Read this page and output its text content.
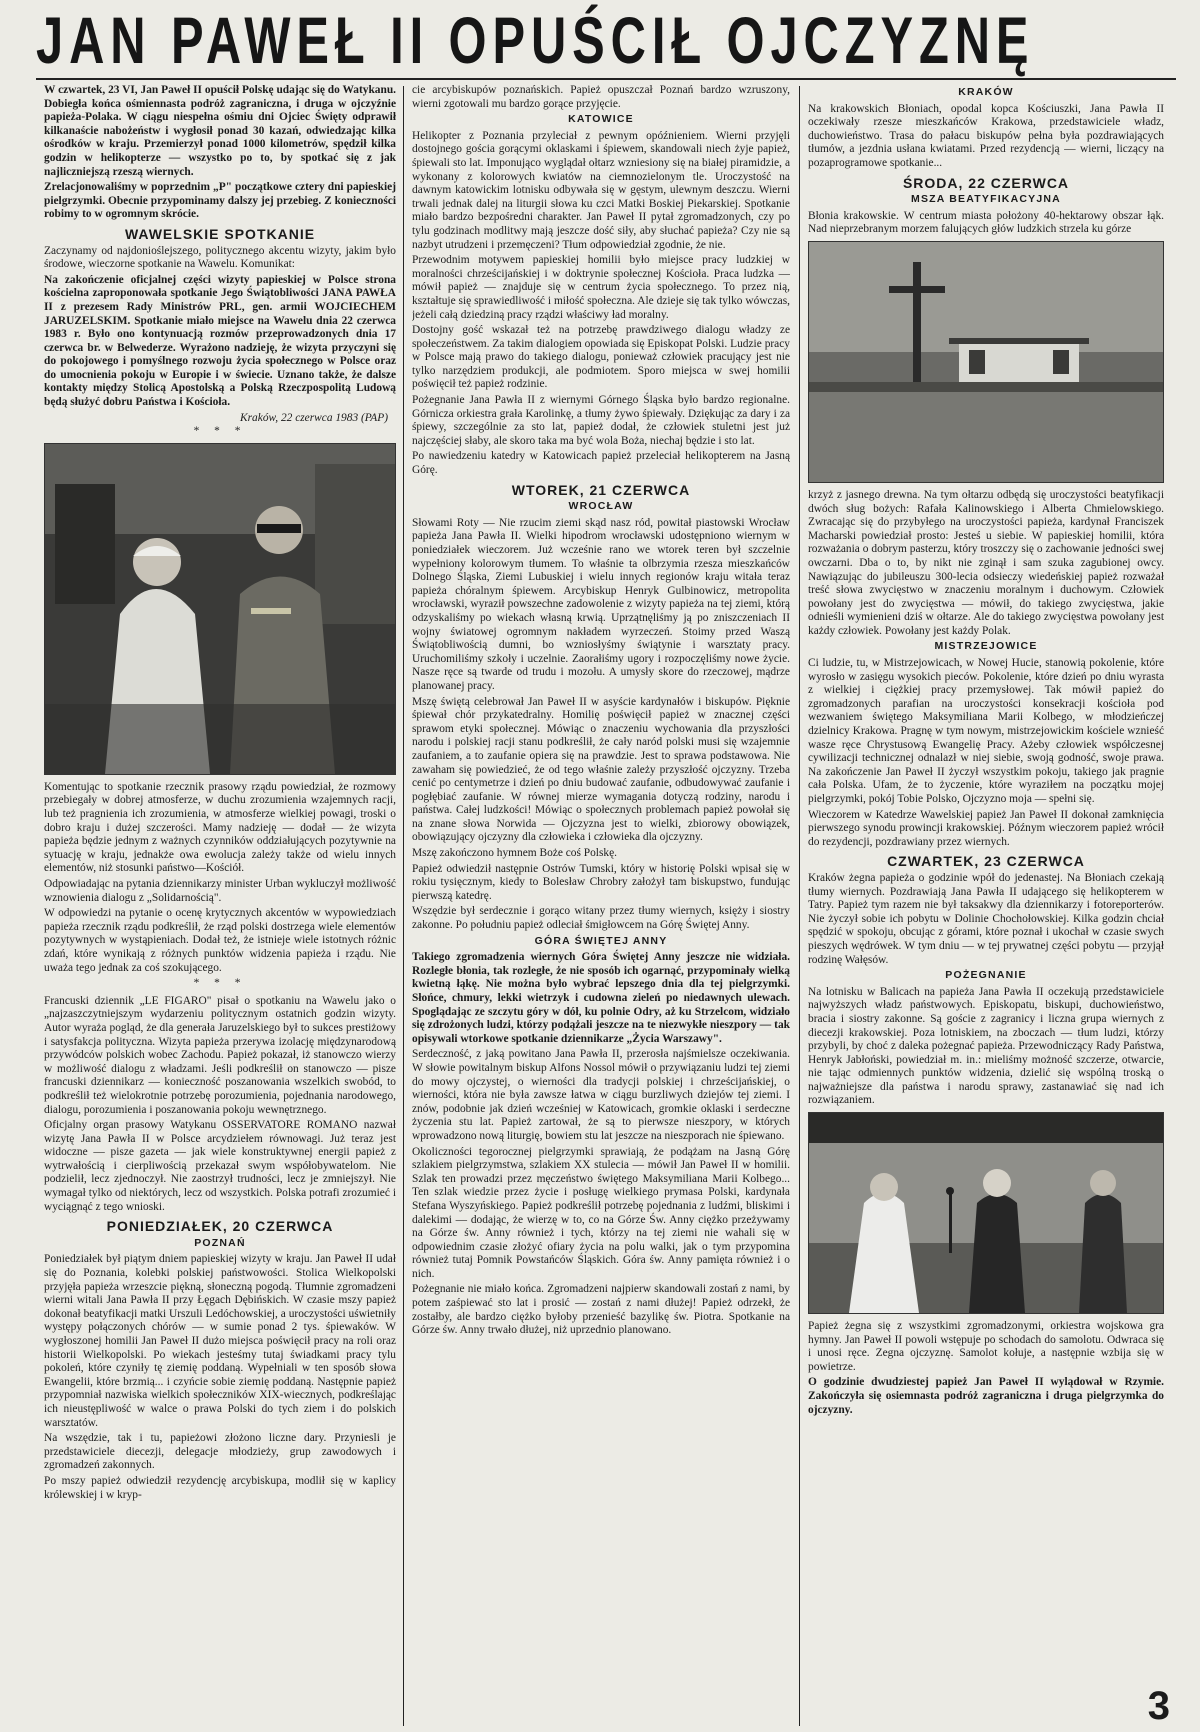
JAN PAWEŁ II OPUŚCIŁ OJCZYZNĘ

W czwartek, 23 VI, Jan Paweł II opuścił Polskę udając się do Watykanu. Dobiegła końca ośmiennasta podróż zagraniczna, i druga w ojczyźnie papieża-Polaka. W ciągu niespełna ośmiu dni Ojciec Święty odprawił kilkanaście nabożeństw i wygłosił ponad 30 kazań, odwiedzając kilka ośrodków w kraju. Przemierzył ponad 1000 kilometrów, spędził kilka godzin w helikopterze — wszystko po to, by spotkać się z jak najliczniejszą rzeszą wiernych.

Zrelacjonowaliśmy w poprzednim „P" początkowe cztery dni papieskiej pielgrzymki. Obecnie przypominamy dalszy jej przebieg. Z konieczności robimy to w ogromnym skrócie.

WAWELSKIE SPOTKANIE

Zaczynamy od najdonioślejszego, politycznego akcentu wizyty, jakim było środowe, wieczorne spotkanie na Wawelu. Komunikat:

Na zakończenie oficjalnej części wizyty papieskiej w Polsce strona kościelna zaproponowała spotkanie Jego Świątobliwości JANA PAWŁA II z prezesem Rady Ministrów PRL, gen. armii WOJCIECHEM JARUZELSKIM. Spotkanie miało miejsce na Wawelu dnia 22 czerwca 1983 r. Było ono kontynuacją rozmów przeprowadzonych dnia 17 czerwca br. w Belwederze. Wyrażono nadzieję, że wizyta przyczyni się do pokojowego i pomyślnego rozwoju życia społecznego w Polsce oraz do umocnienia pokoju w Europie i w świecie. Uznano także, że dalsze kontakty między Stolicą Apostolską a Polską Rzeczpospolitą Ludową będą służyć dobru Państwa i Kościoła.

Kraków, 22 czerwca 1983 (PAP)
* * *

Komentując to spotkanie rzecznik prasowy rządu powiedział, że rozmowy przebiegały w dobrej atmosferze, w duchu zrozumienia wzajemnych racji, lub też pragnienia ich zrozumienia, w atmosferze wielkiej powagi, troski o dobro kraju i dużej szczerości. Mamy nadzieję — dodał — że wizyta papieża będzie jednym z ważnych czynników oddziałujących pozytywnie na sytuację w kraju, jednakże owa ewolucja zależy także od wielu innych elementów, niż stosunki państwo—Kościół.

Odpowiadając na pytania dziennikarzy minister Urban wykluczył możliwość wznowienia dialogu z „Solidarnością".

W odpowiedzi na pytanie o ocenę krytycznych akcentów w wypowiedziach papieża rzecznik rządu podkreślił, że rząd polski dostrzega wiele elementów pozytywnych w wystąpieniach. Dodał też, że istnieje wiele istotnych różnic zdań, które wynikają z różnych punktów widzenia papieża i rządu. Nie uważa tego jednak za coś szokującego.

* * *

Francuski dziennik „LE FIGARO" pisał o spotkaniu na Wawelu jako o „najzaszczytniejszym wydarzeniu politycznym ostatnich godzin wizyty. Autor wyraża pogląd, że dla generała Jaruzelskiego był to sukces prestiżowy i satysfakcja polityczna. Wizyta papieża przerywa izolację międzynarodową przywódców polskich wobec Zachodu. Papież pokazał, iż stanowczo wierzy w możliwość dialogu z władzami. Jeśli podkreślił on stanowczo — pisze francuski dziennikarz — konieczność poszanowania wszelkich swobód, to podkreślił też wielokrotnie potrzebę porozumienia, pojednania narodowego, dialogu, porozumienia i poszanowania pokoju wewnętrznego.

Oficjalny organ prasowy Watykanu OSSERVATORE ROMANO nazwał wizytę Jana Pawła II w Polsce arcydziełem równowagi. Już teraz jest widoczne — pisze gazeta — jak wiele konstruktywnej energii papież z wytrwałością i cierpliwością przekazał swym współobywatelom. Nie podzielił, lecz zjednoczył. Nie zaostrzył trudności, lecz je zmniejszył. Nie wymagał tylko od niektórych, lecz od wszystkich. Polska potrafi zrozumieć i wyciągnąć z tego wnioski.

PONIEDZIAŁEK, 20 CZERWCA
POZNAŃ

Poniedziałek był piątym dniem papieskiej wizyty w kraju. Jan Paweł II udał się do Poznania, kolebki polskiej państwowości. Stolica Wielkopolski przyjęła papieża wrzeszcie piękną, słoneczną pogodą. Tłumnie zgromadzeni wierni witali Jana Pawła II przy Łęgach Dębińskich. W czasie mszy papież dokonał beatyfikacji matki Urszuli Ledóchowskiej, a uroczystości uświetniły występy połączonych chórów — w sumie ponad 2 tys. śpiewaków. W wygłoszonej homilii Jan Paweł II dużo miejsca poświęcił pracy na roli oraz historii Wielkopolski. Po wiekach jesteśmy tutaj świadkami pracy tylu pokoleń, które czyniły tę ziemię poddaną. Wypełniali w ten sposób słowa Ewangelii, które brzmią... i czyńcie sobie ziemię poddaną. Następnie papież przypomniał nazwiska wielkich społeczników XIX-wiecznych, podkreślając ich nieustępliwość w walce o prawa Polski do tych ziem i do polskich warsztatów.

Na wszędzie, tak i tu, papieżowi złożono liczne dary. Przyniesli je przedstawiciele diecezji, delegacje młodzieży, grup zawodowych i zgromadzeń zakonnych.

Po mszy papież odwiedził rezydencję arcybiskupa, modlił się w kaplicy królewskiej i w kryp-

cie arcybiskupów poznańskich. Papież opuszczał Poznań bardzo wzruszony, wierni zgotowali mu bardzo gorące przyjęcie.

KATOWICE

Helikopter z Poznania przyleciał z pewnym opóźnieniem. Wierni przyjęli dostojnego gościa gorącymi oklaskami i śpiewem, skandowali niech żyje papież, śpiewali sto lat. Imponująco wyglądał ołtarz wzniesiony się na białej piramidzie, a wykonany z kolorowych kwiatów na ciemnozielonym tle. Uroczystość na dawnym katowickim lotnisku odbywała się w gęstym, ulewnym deszczu. Wierni trwali jednak dalej na liturgii słowa ku czci Matki Boskiej Piekarskiej. Spotkanie miało bardzo bezpośredni charakter. Jan Paweł II pytał zgromadzonych, czy po tylu godzinach modlitwy mają jeszcze dość siły, aby słuchać papieża? Czy nie są nazbyt utrudzeni i przemęczeni? Tłum odpowiedział zgodnie, że nie.

Przewodnim motywem papieskiej homilii było miejsce pracy ludzkiej w moralności chrześcijańskiej i w doktrynie społecznej Kościoła. Praca ludzka — mówił papież — znajduje się w centrum życia społecznego. To przez nią, kształtuje się sprawiedliwość i miłość społeczna. Ale dzieje się tak tylko wówczas, jeżeli całą dziedziną pracy rządzi właściwy ład moralny.

Dostojny gość wskazał też na potrzebę prawdziwego dialogu władzy ze społeczeństwem. Za takim dialogiem opowiada się Episkopat Polski. Ludzie pracy w Polsce mają prawo do takiego dialogu, ponieważ człowiek pracujący jest nie tylko narzędziem produkcji, ale podmiotem. Sporo miejsca w swej homilii poświęcił też papież rodzinie.

Pożegnanie Jana Pawła II z wiernymi Górnego Śląska było bardzo regionalne. Górnicza orkiestra grała Karolinkę, a tłumy żywo śpiewały. Dziękując za dary i za śpiewy, szczególnie za sto lat, papież dodał, że człowiek stuletni jest już najczęściej słaby, ale skoro taka ma być wola Boża, niechaj będzie i sto lat.

Po nawiedzeniu katedry w Katowicach papież przeleciał helikopterem na Jasną Górę.

WTOREK, 21 CZERWCA
WROCŁAW

Słowami Roty — Nie rzucim ziemi skąd nasz ród, powitał piastowski Wrocław papieża Jana Pawła II. Wielki hipodrom wrocławski udostępniono wiernym w poniedziałek wieczorem. Już wcześnie rano we wtorek teren był szczelnie wypełniony kolorowym tłumem. To właśnie ta olbrzymia rzesza mieszkańców Dolnego Śląska, Ziemi Lubuskiej i wielu innych regionów kraju witała teraz papieża chóralnym śpiewem. Arcybiskup Henryk Gulbinowicz, metropolita wrocławski, wyraził powszechne zadowolenie z wizyty papieża na tej ziemi, którą odzyskaliśmy po wiekach własną krwią. Uprzątnęliśmy ją po zniszczeniach II wojny światowej ogromnym nakładem wyrzeczeń. Stoimy przed Waszą Świątobliwością dumni, bo wzniosłyśmy świątynie i warsztaty pracy. Uruchomiliśmy szkoły i uczelnie. Zaorałiśmy ugory i rozpoczęliśmy nowe życie. Nasze ręce są twarde od trudu i mozołu. A umysły skore do rzeczowej, mądrze planowanej pracy.

Mszę świętą celebrował Jan Paweł II w asyście kardynałów i biskupów. Pięknie śpiewał chór przykatedralny. Homilię poświęcił papież w znacznej części sprawom etyki społecznej. Mówiąc o znaczeniu wychowania dla przyszłości narodu i polskiej racji stanu podkreślił, że cały naród polski musi się wzajemnie zaufaniem, a to zaufanie opiera się na prawdzie. Jest to sprawa podstawowa. Nie zawaham się powiedzieć, że od tego właśnie zależy przyszłość ojczyzny. Trzeba cenić po centymetrze i dzień po dniu budować zaufanie, odbudowywać zaufanie i pogłębiać zaufanie. W równej mierze wymagania dotyczą rodziny, narodu i państwa. Całej ludzkości! Mówiąc o społecznych problemach papież powołał się na znane słowa Norwida — Ojczyzna jest to wielki, zbiorowy obowiązek, obowiązujący ojczyzny dla człowieka i człowieka dla ojczyzny.

Mszę zakończono hymnem Boże coś Polskę.

Papież odwiedził następnie Ostrów Tumski, który w historię Polski wpisał się w rokiu tysięcznym, kiedy to Bolesław Chrobry założył tam biskupstwo, fundując pierwszą katedrę.

Wszędzie był serdecznie i gorąco witany przez tłumy wiernych, księży i siostry zakonne. Po południu papież odleciał śmigłowcem na Górę Świętej Anny.

GÓRA ŚWIĘTEJ ANNY

Takiego zgromadzenia wiernych Góra Świętej Anny jeszcze nie widziała. Rozległe błonia, tak rozległe, że nie sposób ich ogarnąć, przypominały wielką kwietną łąkę. Nie można było wybrać lepszego dnia dla tej pielgrzymki. Słońce, chmury, lekki wietrzyk i cudowna zieleń po niedawnych ulewach. Spoglądając ze szczytu góry w dół, ku polnie Odry, aż ku Strzelcom, widziało się zdrożonych ludzi, którzy podążali jeszcze na te niezwykłe nieszpory — tak opisywali wtorkowe spotkanie dziennikarze „Życia Warszawy".

Serdeczność, z jaką powitano Jana Pawła II, przerosła najśmielsze oczekiwania. W słowie powitalnym biskup Alfons Nossol mówił o przywiązaniu ludzi tej ziemi do mowy ojczystej, o wierności dla tradycji polskiej i chrześcijańskiej, o wierności, która nie była zawsze łatwa w ciągu burzliwych dziejów tej ziemi. I znów, podobnie jak dzień wcześniej w Katowicach, gromkie oklaski i serdeczne życzenia stu lat. Papież zartował, że są to pierwsze nieszpory, w których wprowadzono nową liturgię, bowiem stu lat jeszcze na nieszporach nie śpiewano.

Okoliczności tegorocznej pielgrzymki sprawiają, że podążam na Jasną Górę szlakiem pielgrzymstwa, szlakiem XX stulecia — mówił Jan Paweł II w homilii. Szlak ten prowadzi przez męczeństwo świętego Maksymiliana Marii Kolbego... Ten szlak wiedzie przez życie i posługę wielkiego prymasa Polski, kardynała Stefana Wyszyńskiego. Papież podkreślił potrzebę pojednania z ludźmi, bliskimi i dalekimi — dodając, że wierzę w to, co na Górze Św. Anny ciężko przeżywamy na Górze św. Anny również i tych, którzy na tej ziemi nie wahali się w odpowiednim czasie złożyć ofiary życia na polu walki, jak o tym przypomina również tutaj Pomnik Powstańców Śląskich. Góra św. Anny pamięta również i o nich.

Pożegnanie nie miało końca. Zgromadzeni najpierw skandowali zostań z nami, by potem zaśpiewać sto lat i prosić — zostań z nami dłużej! Papież odrzekł, że zostałby, ale bardzo ciężko byłoby przenieść bazylikę św. Piotra. Spotkanie na Górze św. Anny trwało dłużej, niż uprzednio planowano.

KRAKÓW

Na krakowskich Błoniach, opodal kopca Kościuszki, Jana Pawła II oczekiwały rzesze mieszkańców Krakowa, przedstawiciele władz, duchowieństwo. Trasa do pałacu biskupów pełna była pozdrawiających tłumów, a jezdnia usłana kwiatami. Przed rezydencją — wierni, liczący na pozaprogramowe spotkanie...

ŚRODA, 22 CZERWCA
MSZA BEATYFIKACYJNA

Błonia krakowskie. W centrum miasta położony 40-hektarowy obszar łąk. Nad nieprzebranym morzem falujących głów ludzkich strzela ku górze

krzyż z jasnego drewna. Na tym ołtarzu odbędą się uroczystości beatyfikacji dwóch sług bożych: Rafała Kalinowskiego i Alberta Chmielowskiego. Zwracając się do przybyłego na uroczystości papieża, kardynał Franciszek Macharski powiedział prosto: Jesteś u siebie. W papieskiej homilii, która rozważania o dobrym pasterzu, który troszczy się o zachowanie jedności swej owczarni. Dba o to, by nikt nie zginął i sam szuka zagubionej owcy. Nawiązując do jubileuszu 300-lecia odsieczy wiedeńskiej papież rozważał treść słowa zwycięstwo w znaczeniu moralnym i duchowym. Człowiek powołany jest do zwycięstwa — mówił, do takiego zwycięstwa, jakie odnieśli wymienieni dziś w ołtarze. Ale do takiego zwycięstwa powołany jest każdy człowiek. Powołany jest każdy Polak.

MISTRZEJOWICE

Ci ludzie, tu, w Mistrzejowicach, w Nowej Hucie, stanowią pokolenie, które wyrosło w zasięgu wysokich pieców. Pokolenie, które dzień po dniu wyrasta z wielkiej i ciężkiej pracy przemysłowej. Tak mówił papież do zgromadzonych parafian na uroczystości konsekracji kościoła pod wezwaniem świętego Maksymiliana Marii Kolbego, w młodzieńczej dzielnicy Krakowa. Pragnę w tym nowym, mistrzejowickim kościele wznieść wasze ręce Chrystusową Ewangelię Pracy. Ażeby człowiek współczesnej cywilizacji technicznej odnalazł w niej siebie, swoją godność, swoje prawa. Na zakończenie Jan Paweł II życzył wszystkim pokoju, takiego jak pragnie cała Polska. Ufam, że to życzenie, które wyraziłem na początku mojej pielgrzymki, pokój Tobie Polsko, Ojczyzno moja — spełni się.

Wieczorem w Katedrze Wawelskiej papież Jan Paweł II dokonał zamknięcia pierwszego synodu prowincji krakowskiej. Późnym wieczorem papież wrócił do rezydencji, pozdrawiany przez wiernych.

CZWARTEK, 23 CZERWCA

Kraków żegna papieża o godzinie wpół do jedenastej. Na Błoniach czekają tłumy wiernych. Pozdrawiają Jana Pawła II udającego się helikopterem w Tatry. Papież tym razem nie był taksakwy dla dziennikarzy i fotoreporterów. Nie życzył sobie ich pobytu w Dolinie Chochołowskiej. Kilka godzin chciał spędzić w spokoju, obcując z górami, które poznał i ukochał w czasie swych pieszych wędrówek. W tym dniu — w tej prywatnej części pobytu — przyjął rodzinę Wałęsów.

POŻEGNANIE

Na lotnisku w Balicach na papieża Jana Pawła II oczekują przedstawiciele najwyższych władz państwowych. Episkopatu, biskupi, duchowieństwo, bracia i siostry zakonne. Są goście z zagranicy i liczna grupa wiernych z diecezji krakowskiej. Poza lotniskiem, na zboczach — tłum ludzi, którzy przybyli, by choć z daleka pożegnać papieża. Przewodniczący Rady Państwa, Henryk Jabłoński, powiedział m. in.: mieliśmy możność szczerze, otwarcie, nie tając odmiennych punktów widzenia, dzielić się wspólną troską o najważniejsze dla państwa i narodu sprawy, zastanawiać się nad ich rozwiązaniem.

Papież żegna się z wszystkimi zgromadzonymi, orkiestra wojskowa gra hymny. Jan Paweł II powoli wstępuje po schodach do samolotu. Odwraca się i unosi ręce. Zegna ojczyznę. Samolot kołuje, a następnie wzbija się w powietrze.

O godzinie dwudziestej papież Jan Paweł II wylądował w Rzymie. Zakończyła się osiemnasta podróż zagraniczna i druga pielgrzymka do ojczyzny.

3
